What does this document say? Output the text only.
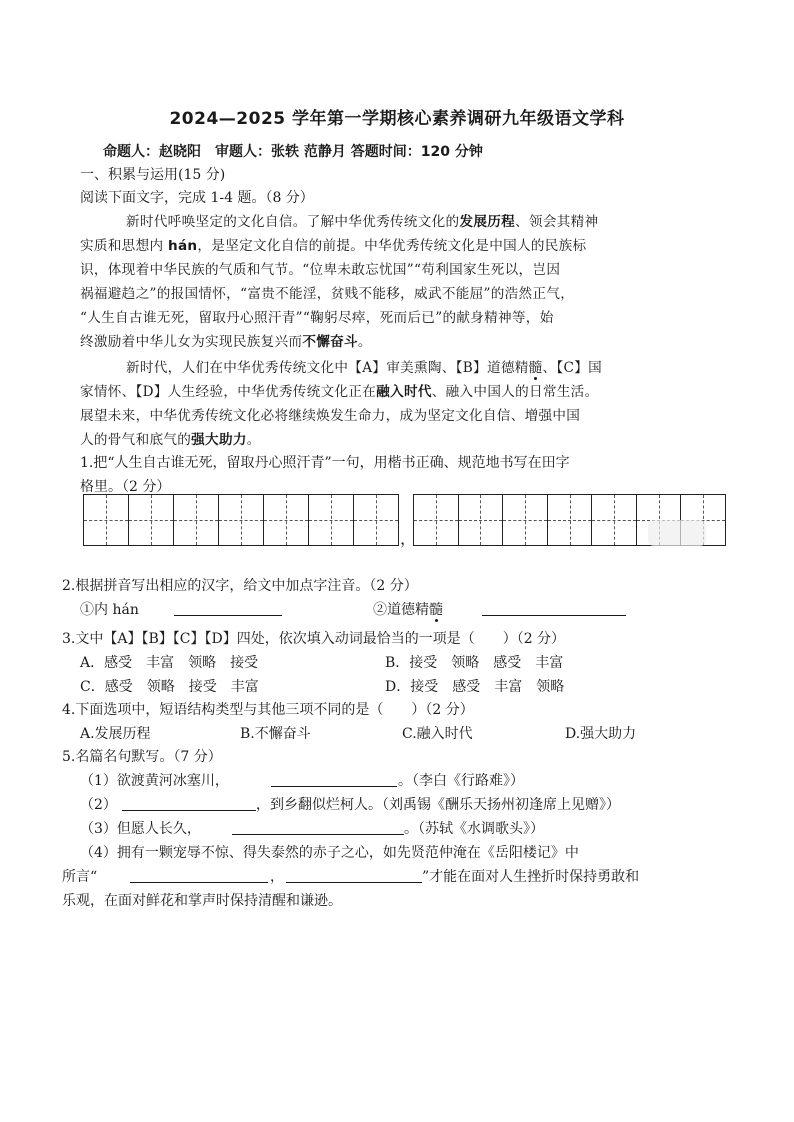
2024—2025 学年第一学期核心素养调研九年级语文学科
命题人：赵晓阳　审题人：张轶 范静月 答题时间：120 分钟
一、积累与运用(15 分)
阅读下面文字，完成 1-4 题。（8 分）
新时代呼唤坚定的文化自信。了解中华优秀传统文化的发展历程、领会其精神
实质和思想内 hán，是坚定文化自信的前提。中华优秀传统文化是中国人的民族标
识，体现着中华民族的气质和气节。“位卑未敢忘忧国”“苟利国家生死以，岂因
祸福避趋之”的报国情怀，“富贵不能淫，贫贱不能移，威武不能屈”的浩然正气，
“人生自古谁无死，留取丹心照汗青”“鞠躬尽瘁，死而后已”的献身精神等，始
终激励着中华儿女为实现民族复兴而不懈奋斗。
新时代，人们在中华优秀传统文化中【A】审美熏陶、【B】道德精髓、【C】国
家情怀、【D】人生经验，中华优秀传统文化正在融入时代、融入中国人的日常生活。
展望未来，中华优秀传统文化必将继续焕发生命力，成为坚定文化自信、增强中国
人的骨气和底气的强大助力。
1.把“人生自古谁无死，留取丹心照汗青”一句，用楷书正确、规范地书写在田字
格里。（2 分）
，
2.根据拼音写出相应的汉字，给文中加点字注音。（2 分）
①内 hán	②道德精髓
3.文中【A】【B】【C】【D】四处，依次填入动词最恰当的一项是（　　）（2 分）
A．感受　丰富　领略　接受	B．接受　领略　感受　丰富
C．感受　领略　接受　丰富	D．接受　感受　丰富　领略
4.下面选项中，短语结构类型与其他三项不同的是（　　）（2 分）
A.发展历程	B.不懈奋斗	C.融入时代	D.强大助力
5.名篇名句默写。（7 分）
（1）欲渡黄河冰塞川，	。（李白《行路难》）
（2）	，到乡翻似烂柯人。（刘禹锡《酬乐天扬州初逢席上见赠》）
（3）但愿人长久，	。（苏轼《水调歌头》）
（4）拥有一颗宠辱不惊、得失泰然的赤子之心，如先贤范仲淹在《岳阳楼记》中
所言“	，	”才能在面对人生挫折时保持勇敢和
乐观，在面对鲜花和掌声时保持清醒和谦逊。
